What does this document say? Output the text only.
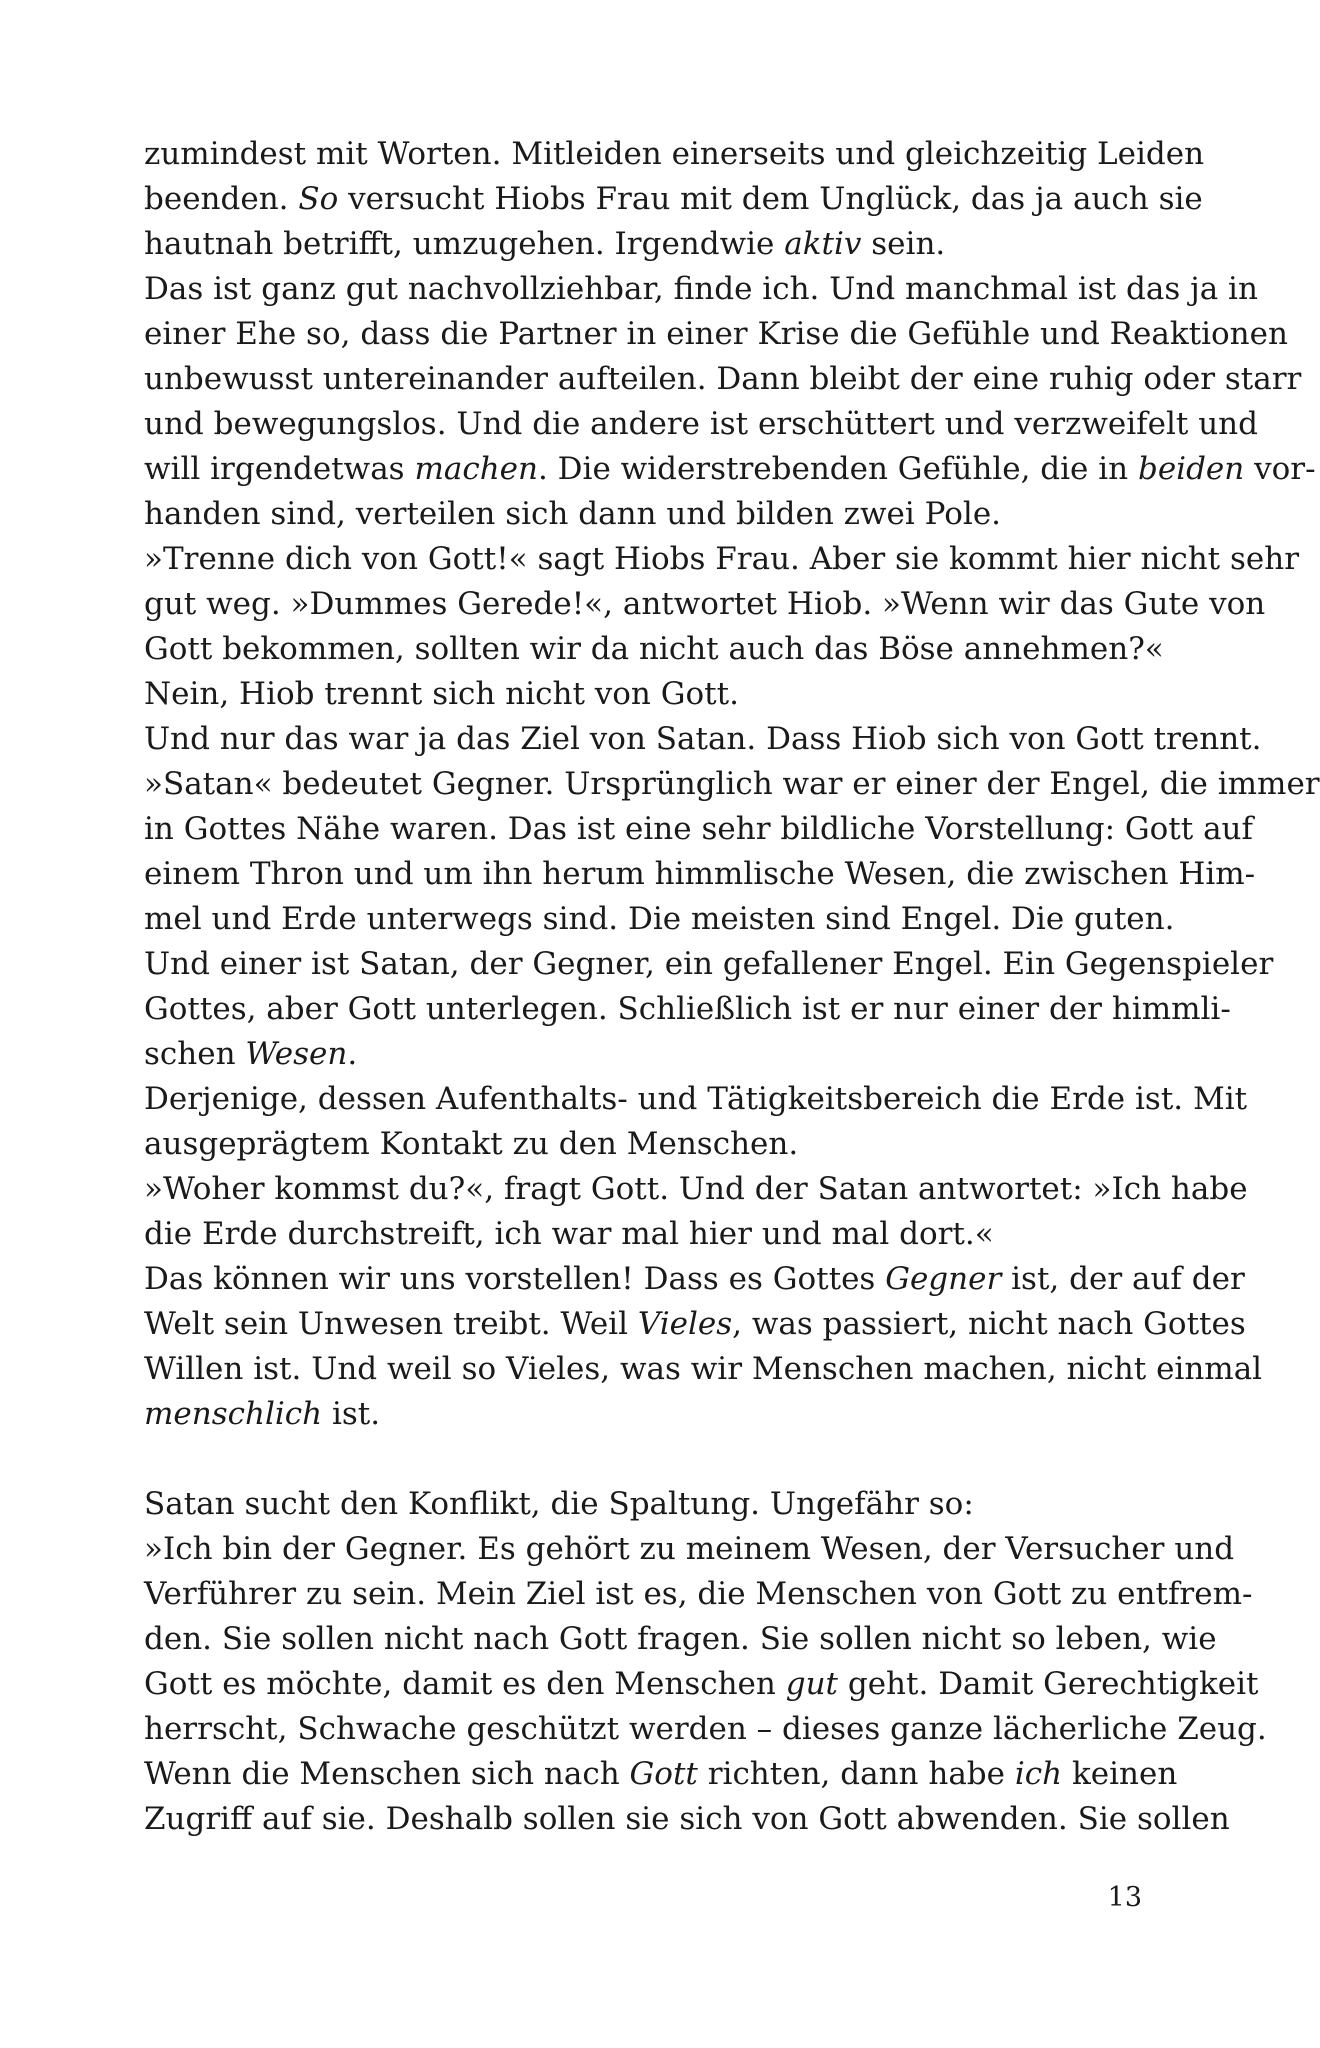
zumindest mit Worten. Mitleiden einerseits und gleichzeitig Leiden
beenden. So versucht Hiobs Frau mit dem Unglück, das ja auch sie
hautnah betrifft, umzugehen. Irgendwie aktiv sein.
Das ist ganz gut nachvollziehbar, finde ich. Und manchmal ist das ja in
einer Ehe so, dass die Partner in einer Krise die Gefühle und Reaktionen
unbewusst untereinander aufteilen. Dann bleibt der eine ruhig oder starr
und bewegungslos. Und die andere ist erschüttert und verzweifelt und
will irgendetwas machen. Die widerstrebenden Gefühle, die in beiden vor-
handen sind, verteilen sich dann und bilden zwei Pole.
»Trenne dich von Gott!« sagt Hiobs Frau. Aber sie kommt hier nicht sehr
gut weg. »Dummes Gerede!«, antwortet Hiob. »Wenn wir das Gute von
Gott bekommen, sollten wir da nicht auch das Böse annehmen?«
Nein, Hiob trennt sich nicht von Gott.
Und nur das war ja das Ziel von Satan. Dass Hiob sich von Gott trennt.
»Satan« bedeutet Gegner. Ursprünglich war er einer der Engel, die immer
in Gottes Nähe waren. Das ist eine sehr bildliche Vorstellung: Gott auf
einem Thron und um ihn herum himmlische Wesen, die zwischen Him-
mel und Erde unterwegs sind. Die meisten sind Engel. Die guten.
Und einer ist Satan, der Gegner, ein gefallener Engel. Ein Gegenspieler
Gottes, aber Gott unterlegen. Schließlich ist er nur einer der himmli-
schen Wesen.
Derjenige, dessen Aufenthalts- und Tätigkeitsbereich die Erde ist. Mit
ausgeprägtem Kontakt zu den Menschen.
»Woher kommst du?«, fragt Gott. Und der Satan antwortet: »Ich habe
die Erde durchstreift, ich war mal hier und mal dort.«
Das können wir uns vorstellen! Dass es Gottes Gegner ist, der auf der
Welt sein Unwesen treibt. Weil Vieles, was passiert, nicht nach Gottes
Willen ist. Und weil so Vieles, was wir Menschen machen, nicht einmal
menschlich ist.
Satan sucht den Konflikt, die Spaltung. Ungefähr so:
»Ich bin der Gegner. Es gehört zu meinem Wesen, der Versucher und
Verführer zu sein. Mein Ziel ist es, die Menschen von Gott zu entfrem-
den. Sie sollen nicht nach Gott fragen. Sie sollen nicht so leben, wie
Gott es möchte, damit es den Menschen gut geht. Damit Gerechtigkeit
herrscht, Schwache geschützt werden – dieses ganze lächerliche Zeug.
Wenn die Menschen sich nach Gott richten, dann habe ich keinen
Zugriff auf sie. Deshalb sollen sie sich von Gott abwenden. Sie sollen
13
